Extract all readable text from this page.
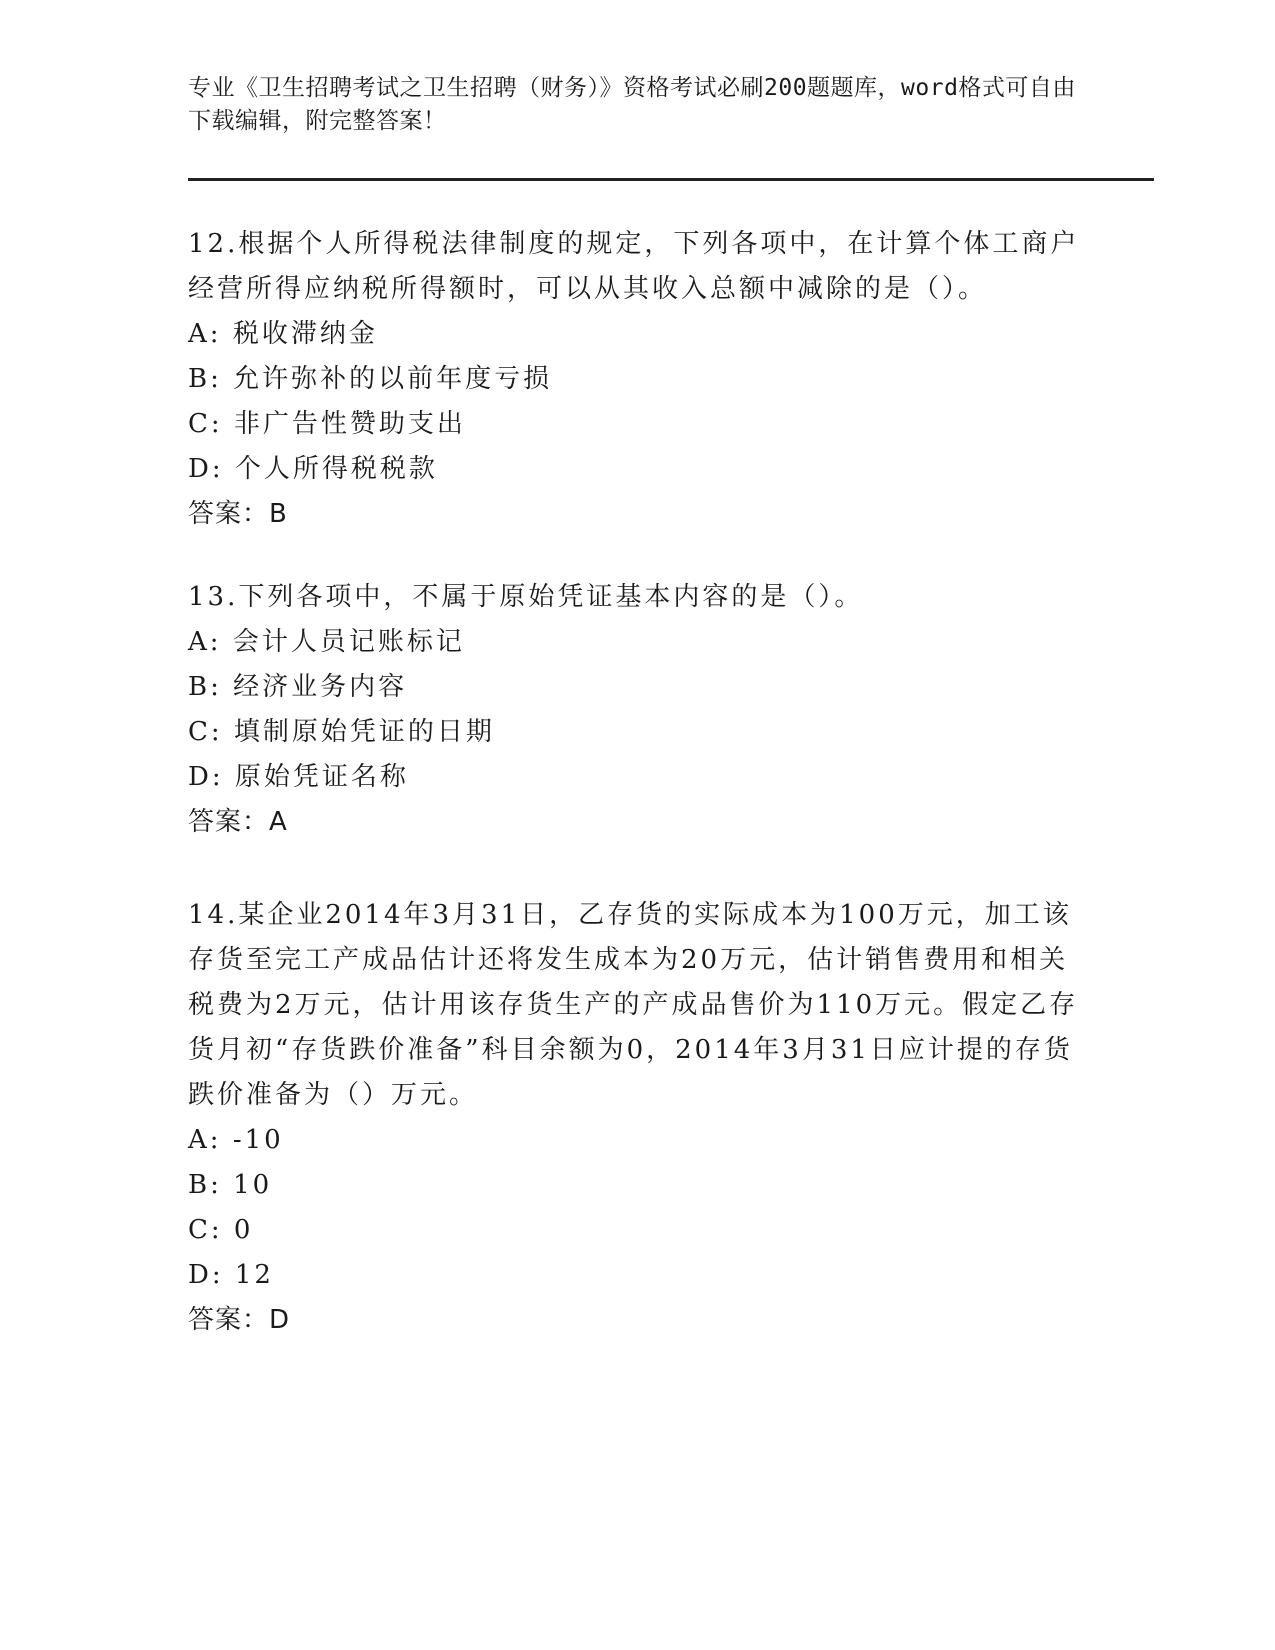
专业《卫生招聘考试之卫生招聘（财务）》资格考试必刷200题题库，word格式可自由下载编辑，附完整答案！

12.根据个人所得税法律制度的规定，下列各项中，在计算个体工商户经营所得应纳税所得额时，可以从其收入总额中减除的是（）。

A: 税收滞纳金

B: 允许弥补的以前年度亏损

C: 非广告性赞助支出

D: 个人所得税税款

答案：B

13.下列各项中，不属于原始凭证基本内容的是（）。

A: 会计人员记账标记

B: 经济业务内容

C: 填制原始凭证的日期

D: 原始凭证名称

答案：A

14.某企业2014年3月31日，乙存货的实际成本为100万元，加工该存货至完工产成品估计还将发生成本为20万元，估计销售费用和相关税费为2万元，估计用该存货生产的产成品售价为110万元。假定乙存货月初“存货跌价准备”科目余额为0，2014年3月31日应计提的存货跌价准备为（）万元。

A: -10

B: 10

C: 0

D: 12

答案：D
